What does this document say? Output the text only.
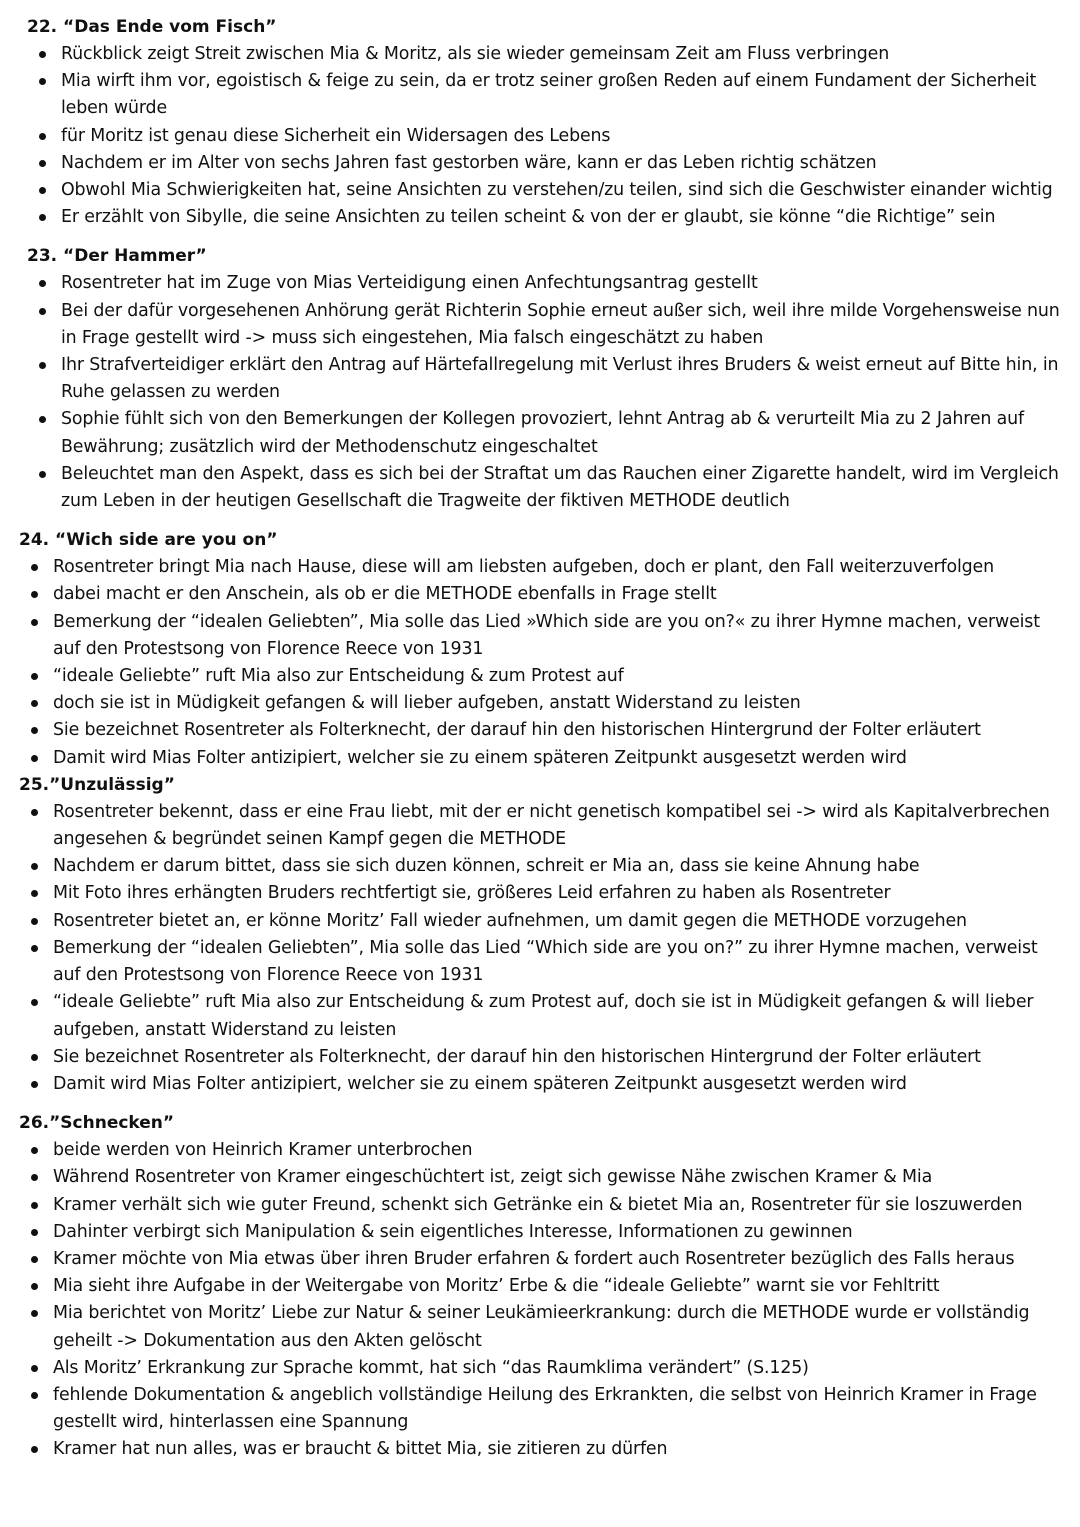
22. “Das Ende vom Fisch”
Rückblick zeigt Streit zwischen Mia & Moritz, als sie wieder gemeinsam Zeit am Fluss verbringen
Mia wirft ihm vor, egoistisch & feige zu sein, da er trotz seiner großen Reden auf einem Fundament der Sicherheit leben würde
für Moritz ist genau diese Sicherheit ein Widersagen des Lebens
Nachdem er im Alter von sechs Jahren fast gestorben wäre, kann er das Leben richtig schätzen
Obwohl Mia Schwierigkeiten hat, seine Ansichten zu verstehen/zu teilen, sind sich die Geschwister einander wichtig
Er erzählt von Sibylle, die seine Ansichten zu teilen scheint & von der er glaubt, sie könne “die Richtige” sein
23. “Der Hammer”
Rosentreter hat im Zuge von Mias Verteidigung einen Anfechtungsantrag gestellt
Bei der dafür vorgesehenen Anhörung gerät Richterin Sophie erneut außer sich, weil ihre milde Vorgehensweise nun in Frage gestellt wird -> muss sich eingestehen, Mia falsch eingeschätzt zu haben
Ihr Strafverteidiger erklärt den Antrag auf Härtefallregelung mit Verlust ihres Bruders & weist erneut auf Bitte hin, in Ruhe gelassen zu werden
Sophie fühlt sich von den Bemerkungen der Kollegen provoziert, lehnt Antrag ab & verurteilt Mia zu 2 Jahren auf Bewährung; zusätzlich wird der Methodenschutz eingeschaltet
Beleuchtet man den Aspekt, dass es sich bei der Straftat um das Rauchen einer Zigarette handelt, wird im Vergleich zum Leben in der heutigen Gesellschaft die Tragweite der fiktiven METHODE deutlich
24. “Wich side are you on”
Rosentreter bringt Mia nach Hause, diese will am liebsten aufgeben, doch er plant, den Fall weiterzuverfolgen
dabei macht er den Anschein, als ob er die METHODE ebenfalls in Frage stellt
Bemerkung der “idealen Geliebten”, Mia solle das Lied »Which side are you on?« zu ihrer Hymne machen, verweist auf den Protestsong von Florence Reece von 1931
“ideale Geliebte” ruft Mia also zur Entscheidung & zum Protest auf
doch sie ist in Müdigkeit gefangen & will lieber aufgeben, anstatt Widerstand zu leisten
Sie bezeichnet Rosentreter als Folterknecht, der darauf hin den historischen Hintergrund der Folter erläutert
Damit wird Mias Folter antizipiert, welcher sie zu einem späteren Zeitpunkt ausgesetzt werden wird
25.”Unzulässig”
Rosentreter bekennt, dass er eine Frau liebt, mit der er nicht genetisch kompatibel sei -> wird als Kapitalverbrechen angesehen & begründet seinen Kampf gegen die METHODE
Nachdem er darum bittet, dass sie sich duzen können, schreit er Mia an, dass sie keine Ahnung habe
Mit Foto ihres erhängten Bruders rechtfertigt sie, größeres Leid erfahren zu haben als Rosentreter
Rosentreter bietet an, er könne Moritz’ Fall wieder aufnehmen, um damit gegen die METHODE vorzugehen
Bemerkung der “idealen Geliebten”, Mia solle das Lied “Which side are you on?” zu ihrer Hymne machen, verweist auf den Protestsong von Florence Reece von 1931
“ideale Geliebte” ruft Mia also zur Entscheidung & zum Protest auf, doch sie ist in Müdigkeit gefangen & will lieber aufgeben, anstatt Widerstand zu leisten
Sie bezeichnet Rosentreter als Folterknecht, der darauf hin den historischen Hintergrund der Folter erläutert
Damit wird Mias Folter antizipiert, welcher sie zu einem späteren Zeitpunkt ausgesetzt werden wird
26.”Schnecken”
beide werden von Heinrich Kramer unterbrochen
Während Rosentreter von Kramer eingeschüchtert ist, zeigt sich gewisse Nähe zwischen Kramer & Mia
Kramer verhält sich wie guter Freund, schenkt sich Getränke ein & bietet Mia an, Rosentreter für sie loszuwerden
Dahinter verbirgt sich Manipulation & sein eigentliches Interesse, Informationen zu gewinnen
Kramer möchte von Mia etwas über ihren Bruder erfahren & fordert auch Rosentreter bezüglich des Falls heraus
Mia sieht ihre Aufgabe in der Weitergabe von Moritz’ Erbe & die “ideale Geliebte” warnt sie vor Fehltritt
Mia berichtet von Moritz’ Liebe zur Natur & seiner Leukämieerkrankung: durch die METHODE wurde er vollständig geheilt -> Dokumentation aus den Akten gelöscht
Als Moritz’ Erkrankung zur Sprache kommt, hat sich “das Raumklima verändert” (S.125)
fehlende Dokumentation & angeblich vollständige Heilung des Erkrankten, die selbst von Heinrich Kramer in Frage gestellt wird, hinterlassen eine Spannung
Kramer hat nun alles, was er braucht & bittet Mia, sie zitieren zu dürfen
